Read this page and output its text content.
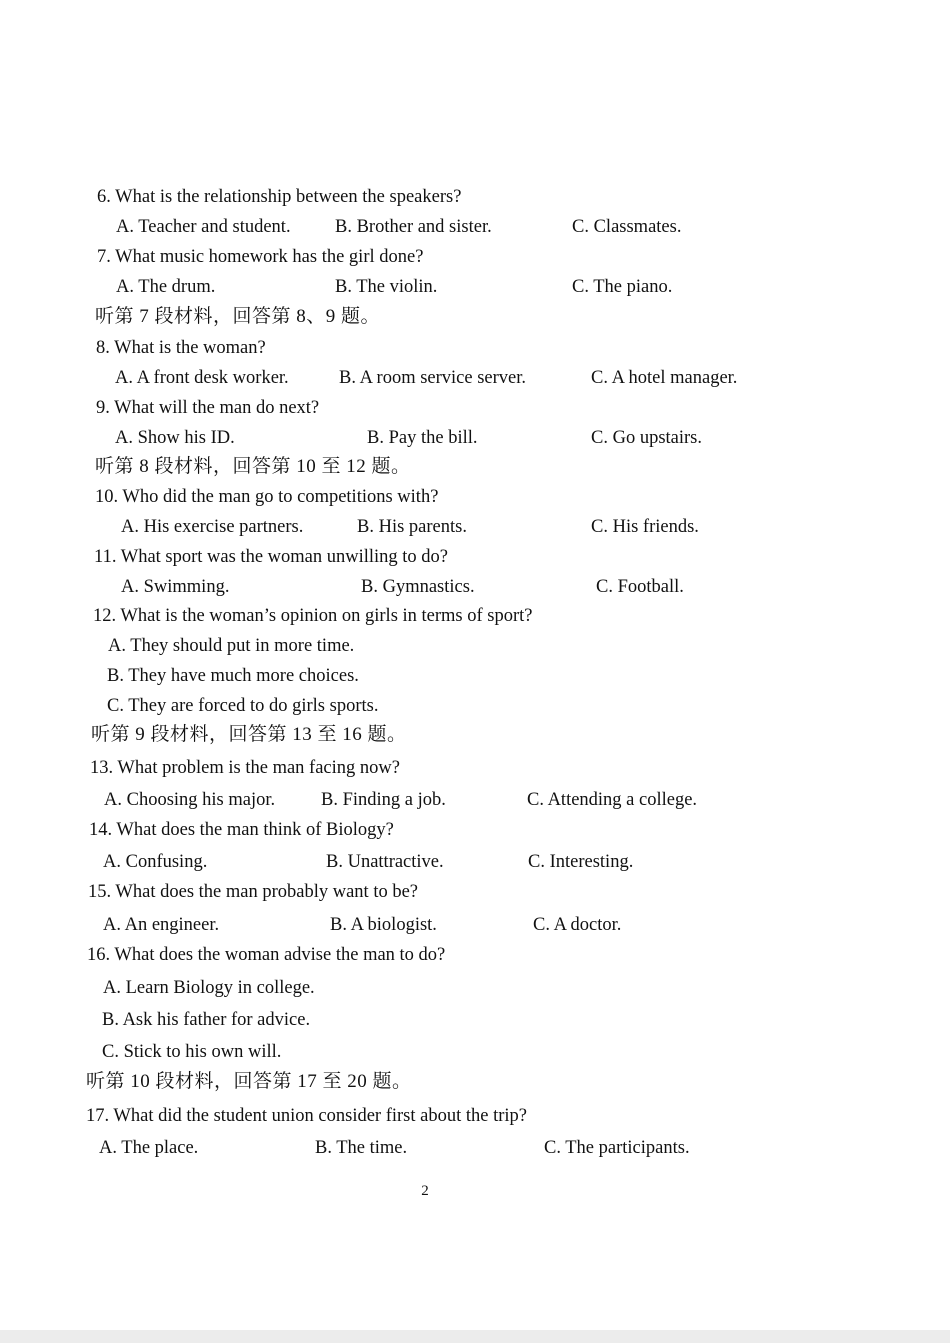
6. What is the relationship between the speakers?
A. Teacher and student. B. Brother and sister.	C. Classmates.
7. What music homework has the girl done?
A. The drum.	B. The violin.	C. The piano.
听第 7 段材料，回答第 8、9 题。
8. What is the woman?
A. A front desk worker.	B. A room service server.	C. A hotel manager.
9. What will the man do next?
A. Show his ID.	B. Pay the bill.	C. Go upstairs.
听第 8 段材料，回答第 10 至 12 题。
10. Who did the man go to competitions with?
A. His exercise partners.	B. His parents.	C. His friends.
11. What sport was the woman unwilling to do?
A. Swimming.	B. Gymnastics.	C. Football.
12. What is the woman’s opinion on girls in terms of sport?
A. They should put in more time.
B. They have much more choices.
C. They are forced to do girls sports.
听第 9 段材料，回答第 13 至 16 题。
13. What problem is the man facing now?
A. Choosing his major. B. Finding a job.	C. Attending a college.
14. What does the man think of Biology?
A. Confusing.	B. Unattractive.	C. Interesting.
15. What does the man probably want to be?
A. An engineer.	B. A biologist.	C. A doctor.
16. What does the woman advise the man to do?
A. Learn Biology in college.
B. Ask his father for advice.
C. Stick to his own will.
听第 10 段材料，回答第 17 至 20 题。
17. What did the student union consider first about the trip?
A. The place.	B. The time.	C. The participants.
2
